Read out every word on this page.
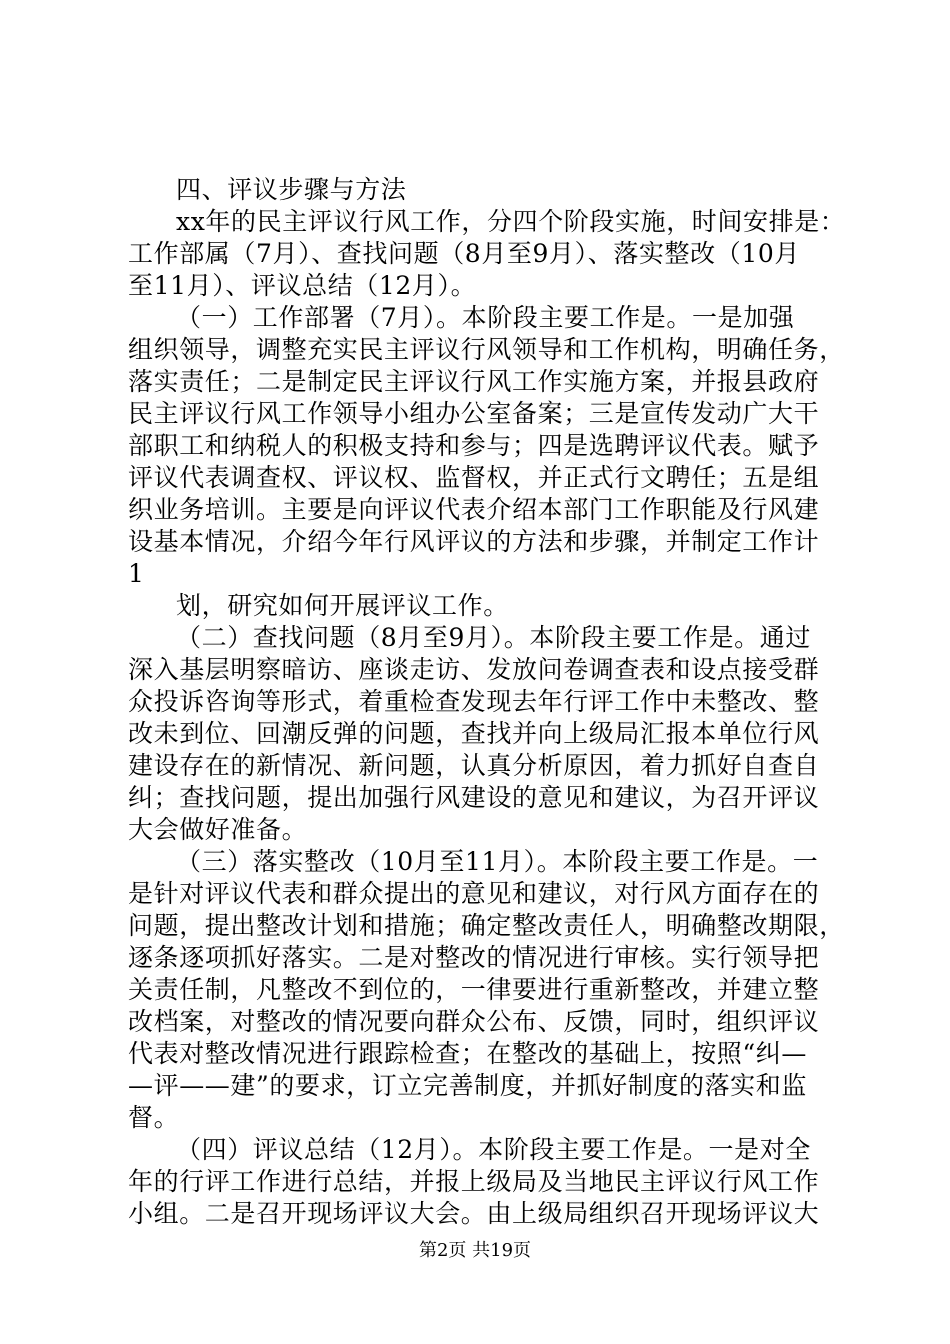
四、评议步骤与方法
xx年的民主评议行风工作，分四个阶段实施，时间安排是：
工作部属（7月）、查找问题（8月至9月）、落实整改（10月
至11月）、评议总结（12月）。
（一）工作部署（7月）。本阶段主要工作是。一是加强
组织领导，调整充实民主评议行风领导和工作机构，明确任务，
落实责任；二是制定民主评议行风工作实施方案，并报县政府
民主评议行风工作领导小组办公室备案；三是宣传发动广大干
部职工和纳税人的积极支持和参与；四是选聘评议代表。赋予
评议代表调查权、评议权、监督权，并正式行文聘任；五是组
织业务培训。主要是向评议代表介绍本部门工作职能及行风建
设基本情况，介绍今年行风评议的方法和步骤，并制定工作计
1
划，研究如何开展评议工作。
（二）查找问题（8月至9月）。本阶段主要工作是。通过
深入基层明察暗访、座谈走访、发放问卷调查表和设点接受群
众投诉咨询等形式，着重检查发现去年行评工作中未整改、整
改未到位、回潮反弹的问题，查找并向上级局汇报本单位行风
建设存在的新情况、新问题，认真分析原因，着力抓好自查自
纠；查找问题，提出加强行风建设的意见和建议，为召开评议
大会做好准备。
（三）落实整改（10月至11月）。本阶段主要工作是。一
是针对评议代表和群众提出的意见和建议，对行风方面存在的
问题，提出整改计划和措施；确定整改责任人，明确整改期限，
逐条逐项抓好落实。二是对整改的情况进行审核。实行领导把
关责任制，凡整改不到位的，一律要进行重新整改，并建立整
改档案，对整改的情况要向群众公布、反馈，同时，组织评议
代表对整改情况进行跟踪检查；在整改的基础上，按照“纠—
—评——建”的要求，订立完善制度，并抓好制度的落实和监
督。
（四）评议总结（12月）。本阶段主要工作是。一是对全
年的行评工作进行总结，并报上级局及当地民主评议行风工作
小组。二是召开现场评议大会。由上级局组织召开现场评议大
第2页 共19页
